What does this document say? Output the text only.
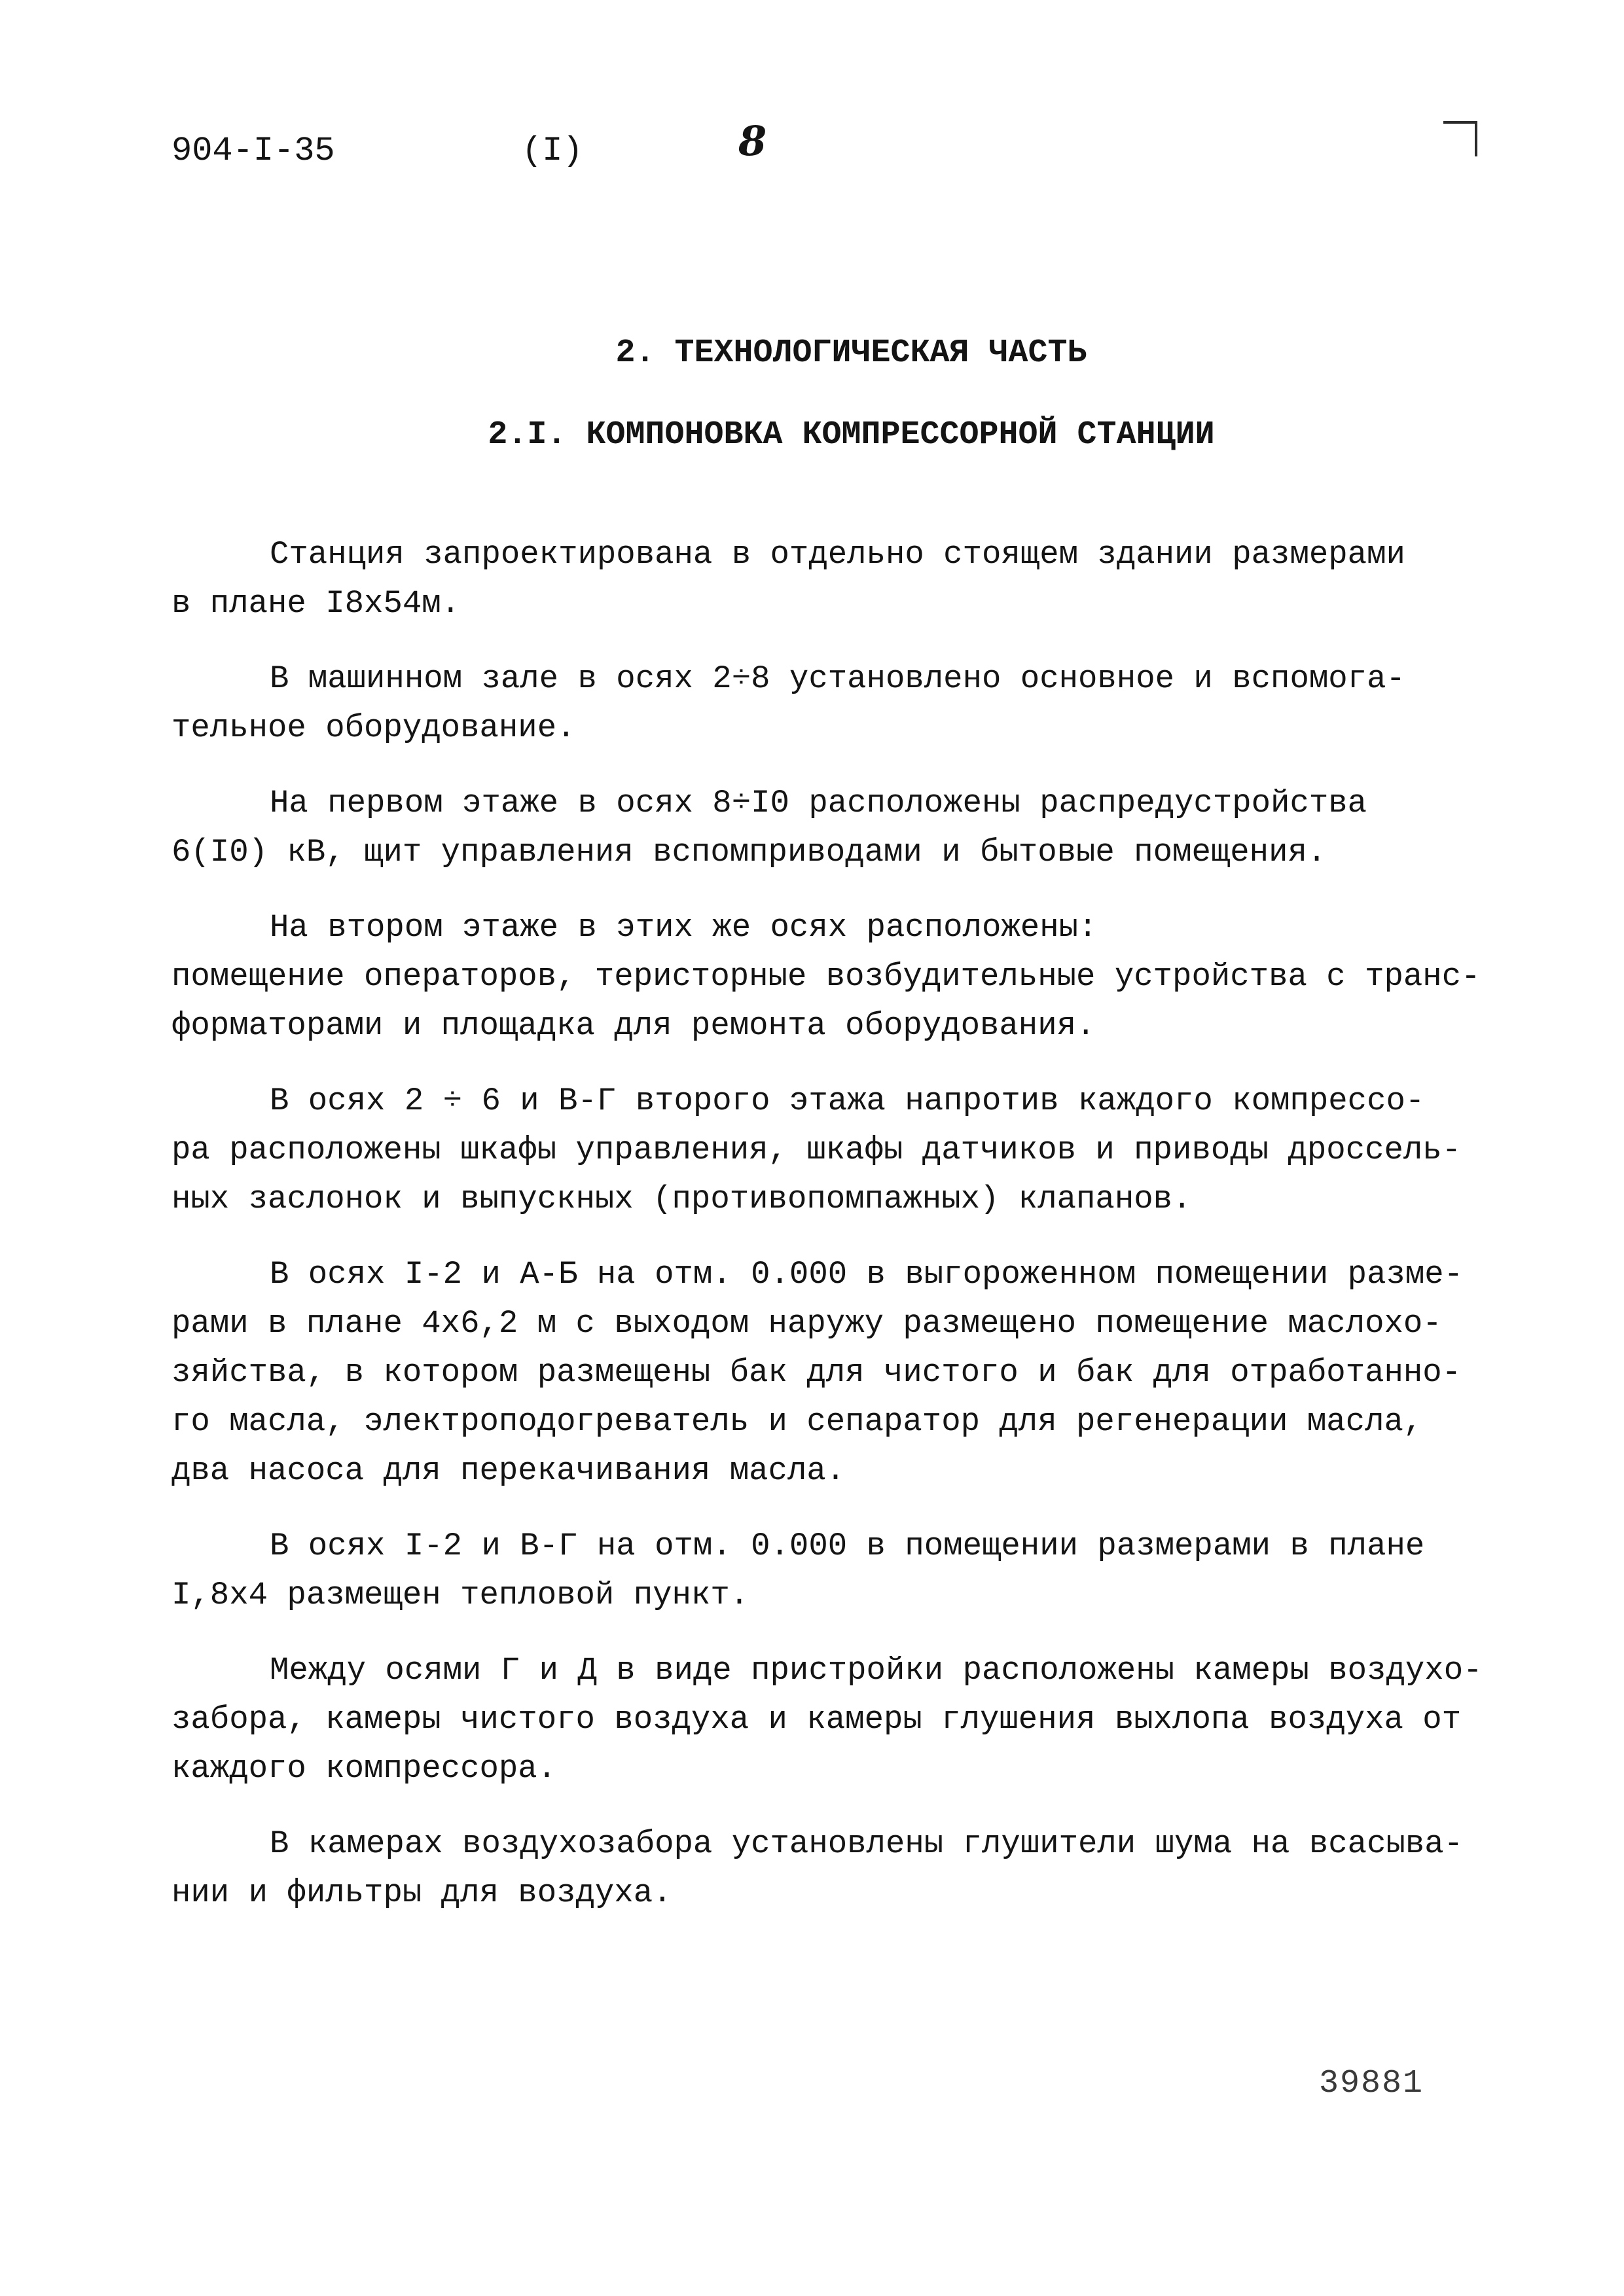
904-I-35	(I)	8
2. ТЕХНОЛОГИЧЕСКАЯ ЧАСТЬ
2.I. КОМПОНОВКА КОМПРЕССОРНОЙ СТАНЦИИ
Станция запроектирована в отдельно стоящем здании размерами
в плане I8x54м.
В машинном зале в осях 2÷8 установлено основное и вспомога-
тельное оборудование.
На первом этаже в осях 8÷I0 расположены распредустройства
6(I0) кВ, щит управления вспомприводами и бытовые помещения.
На втором этаже в этих же осях расположены:
помещение операторов, теристорные возбудительные устройства с транс-
форматорами и площадка для ремонта оборудования.
В осях 2 ÷ 6 и В-Г второго этажа напротив каждого компрессо-
ра расположены шкафы управления, шкафы датчиков и приводы дроссель-
ных заслонок и выпускных (противопомпажных) клапанов.
В осях I-2 и А-Б на отм. 0.000 в выгороженном помещении разме-
рами в плане 4x6,2 м с выходом наружу размещено помещение маслохо-
зяйства, в котором размещены бак для чистого и бак для отработанно-
го масла, электроподогреватель и сепаратор для регенерации масла,
два насоса для перекачивания масла.
В осях I-2 и В-Г на отм. 0.000 в помещении размерами в плане
I,8x4 размещен тепловой пункт.
Между осями Г и Д в виде пристройки расположены камеры воздухо-
забора, камеры чистого воздуха и камеры глушения выхлопа воздуха от
каждого компрессора.
В камерах воздухозабора установлены глушители шума на всасыва-
нии и фильтры для воздуха.
39881
